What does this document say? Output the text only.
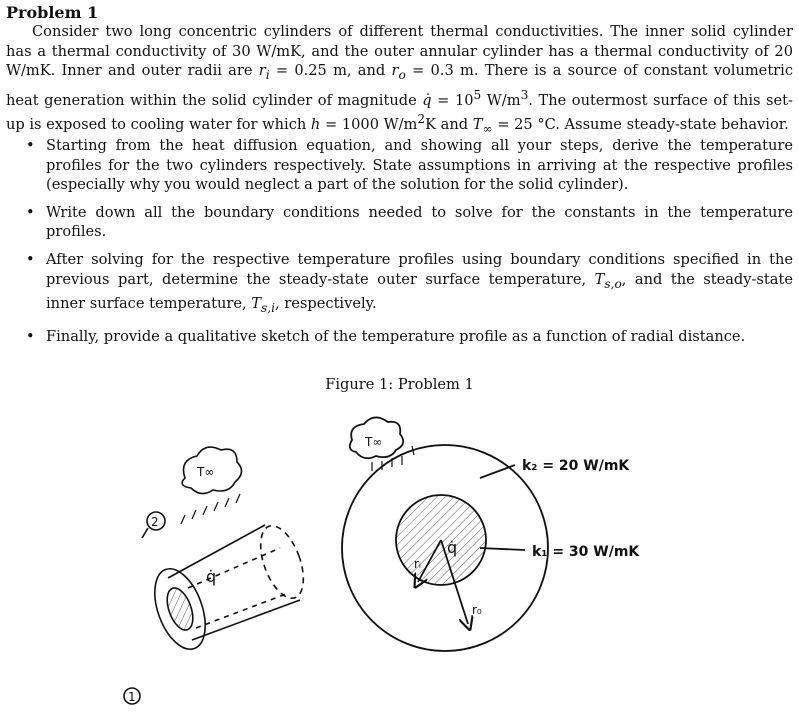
Problem 1
Consider two long concentric cylinders of different thermal conductivities. The inner solid cylinder has a thermal conductivity of 30 W/mK, and the outer annular cylinder has a thermal conductivity of 20 W/mK. Inner and outer radii are $r_i = 0.25$ m, and $r_o = 0.3$ m. There is a source of constant volumetric heat generation within the solid cylinder of magnitude q̇ = $10^5$ $W/m^3$. The outermost surface of this set-up is exposed to cooling water for which h = 1000 $W/m^2K$ and $T_\infty = 25$ °C. Assume steady-state behavior.
• Starting from the heat diffusion equation, and showing all your steps, derive the temperature profiles for the two cylinders respectively. State assumptions in arriving at the respective profiles (especially why you would neglect a part of the solution for the solid cylinder).
• Write down all the boundary conditions needed to solve for the constants in the temperature profiles.
• After solving for the respective temperature profiles using boundary conditions specified in the previous part, determine the steady-state outer surface temperature, $T_{s,o}$, and the steady-state inner surface temperature, $T_{s,i}$, respectively.
• Finally, provide a qualitative sketch of the temperature profile as a function of radial distance.
Figure 1: Problem 1
T∞
2
1
q̇
T∞
q̇
rᵢ
r₀
k₂ = 20 W/mK
k₁ = 30 W/mK
